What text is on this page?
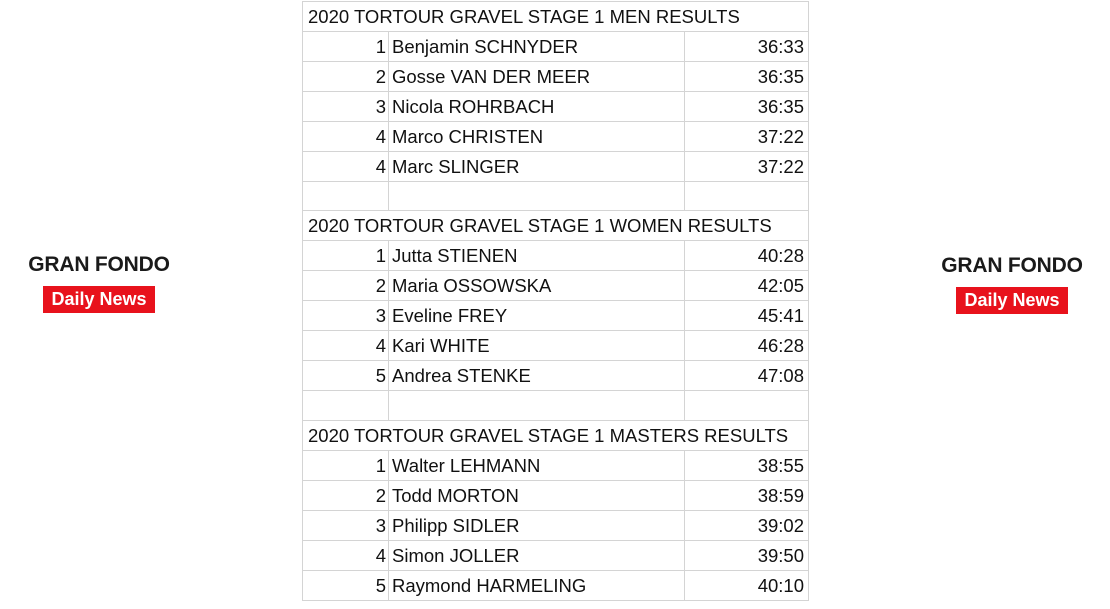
GRAN FONDO
Daily News
GRAN FONDO
Daily News
2020 TORTOUR GRAVEL STAGE 1 MEN RESULTS		
1	Benjamin SCHNYDER	36:33
2	Gosse VAN DER MEER	36:35
3	Nicola ROHRBACH	36:35
4	Marco CHRISTEN	37:22
4	Marc SLINGER	37:22

2020 TORTOUR GRAVEL STAGE 1 WOMEN RESULTS		
1	Jutta STIENEN	40:28
2	Maria OSSOWSKA	42:05
3	Eveline FREY	45:41
4	Kari WHITE	46:28
5	Andrea STENKE	47:08

2020 TORTOUR GRAVEL STAGE 1 MASTERS RESULTS		
1	Walter LEHMANN	38:55
2	Todd MORTON	38:59
3	Philipp SIDLER	39:02
4	Simon JOLLER	39:50
5	Raymond HARMELING	40:10
